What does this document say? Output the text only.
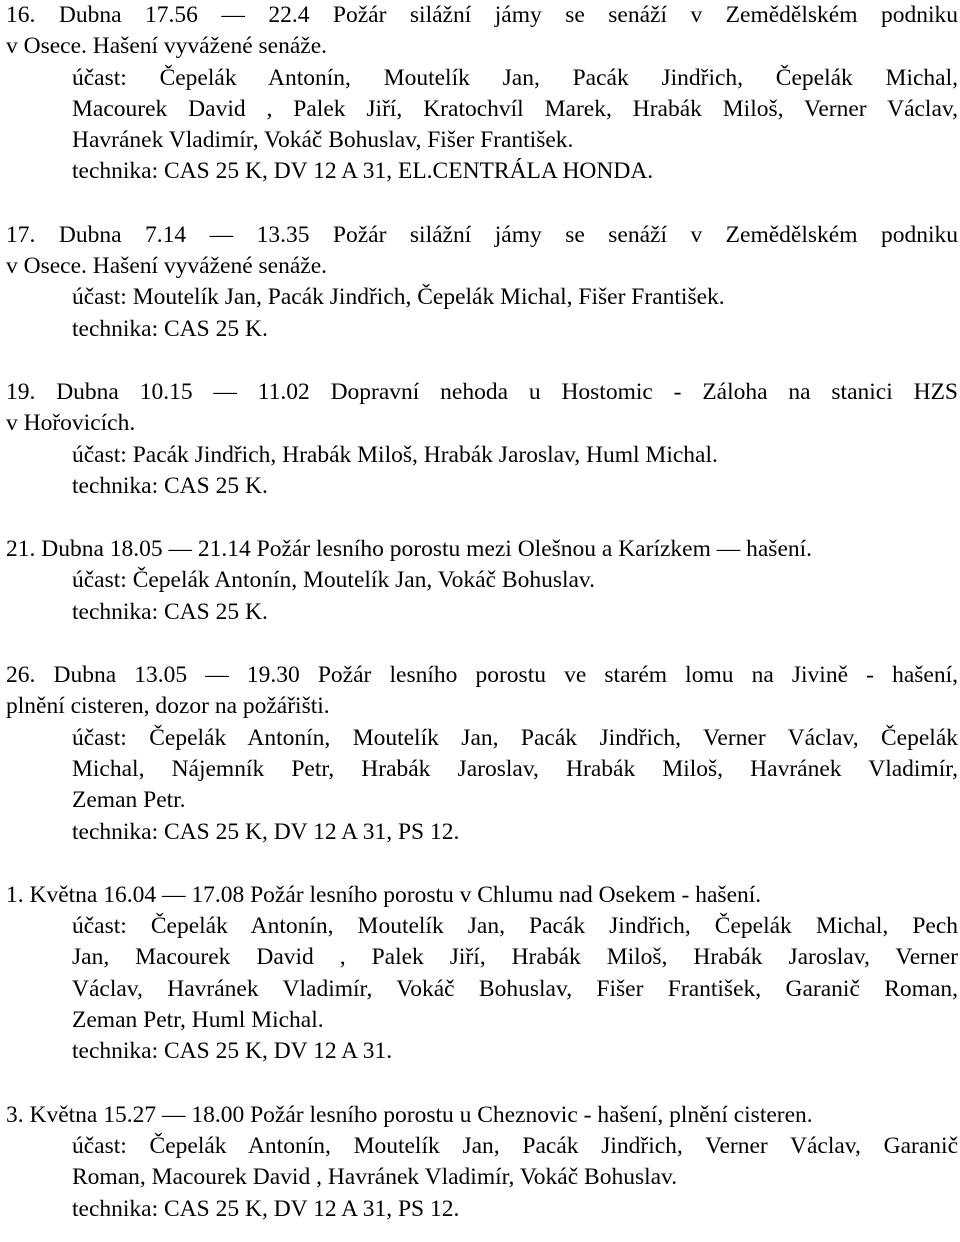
16. Dubna 17.56 — 22.4 Požár silážní jámy se senáží v Zemědělském podniku
v Osece. Hašení vyvážené senáže.
účast: Čepelák Antonín, Moutelík Jan, Pacák Jindřich, Čepelák Michal,
Macourek David , Palek Jiří, Kratochvíl Marek, Hrabák Miloš, Verner Václav,
Havránek Vladimír, Vokáč Bohuslav, Fišer František.
technika: CAS 25 K, DV 12 A 31, EL.CENTRÁLA HONDA.
17. Dubna 7.14 — 13.35 Požár silážní jámy se senáží v Zemědělském podniku
v Osece. Hašení vyvážené senáže.
účast: Moutelík Jan, Pacák Jindřich, Čepelák Michal, Fišer František.
technika: CAS 25 K.
19. Dubna 10.15 — 11.02 Dopravní nehoda u Hostomic - Záloha na stanici HZS
v Hořovicích.
účast: Pacák Jindřich, Hrabák Miloš, Hrabák Jaroslav, Huml Michal.
technika: CAS 25 K.
21. Dubna 18.05 — 21.14 Požár lesního porostu mezi Olešnou a Karízkem — hašení.
účast: Čepelák Antonín, Moutelík Jan, Vokáč Bohuslav.
technika: CAS 25 K.
26. Dubna 13.05 — 19.30 Požár lesního porostu ve starém lomu na Jivině - hašení,
plnění cisteren, dozor na požářišti.
účast: Čepelák Antonín, Moutelík Jan, Pacák Jindřich, Verner Václav, Čepelák
Michal, Nájemník Petr, Hrabák Jaroslav, Hrabák Miloš, Havránek Vladimír,
Zeman Petr.
technika: CAS 25 K, DV 12 A 31, PS 12.
1. Května 16.04 — 17.08 Požár lesního porostu v Chlumu nad Osekem - hašení.
účast: Čepelák Antonín, Moutelík Jan, Pacák Jindřich, Čepelák Michal, Pech
Jan, Macourek David , Palek Jiří, Hrabák Miloš, Hrabák Jaroslav, Verner
Václav, Havránek Vladimír, Vokáč Bohuslav, Fišer František, Garanič Roman,
Zeman Petr, Huml Michal.
technika: CAS 25 K, DV 12 A 31.
3. Května 15.27 — 18.00 Požár lesního porostu u Cheznovic - hašení, plnění cisteren.
účast: Čepelák Antonín, Moutelík Jan, Pacák Jindřich, Verner Václav, Garanič
Roman, Macourek David , Havránek Vladimír, Vokáč Bohuslav.
technika: CAS 25 K, DV 12 A 31, PS 12.
